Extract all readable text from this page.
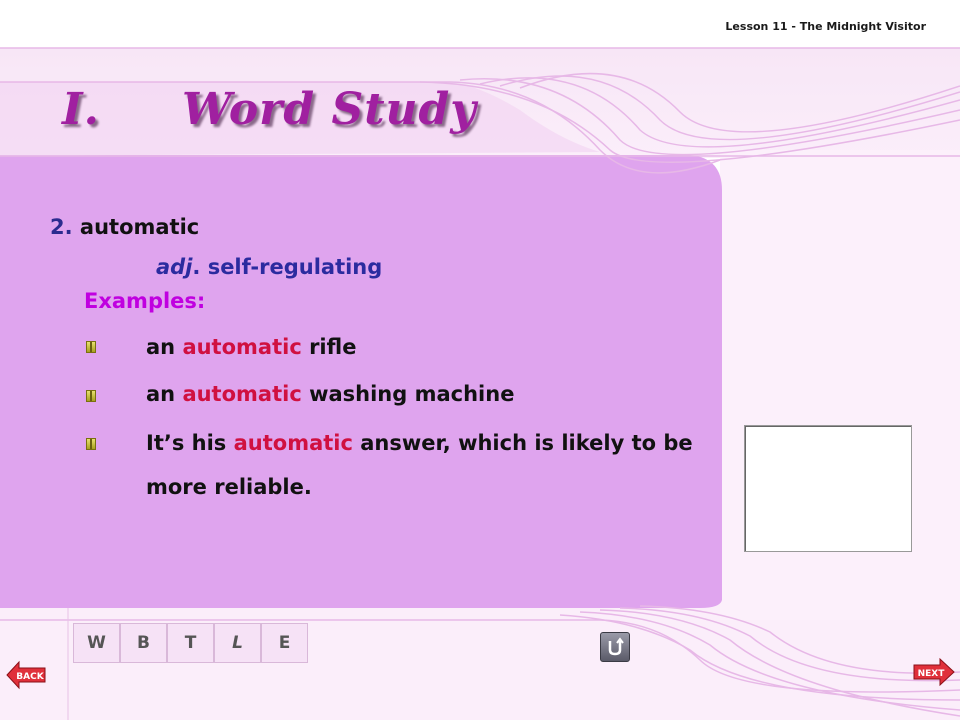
Lesson 11 - The Midnight Visitor
I. Word Study
2. automatic
adj. self-regulating
Examples:
an automatic rifle
an automatic washing machine
It’s his automatic answer, which is likely to be more reliable.
W	B	T	L	E
BACK	NEXT
